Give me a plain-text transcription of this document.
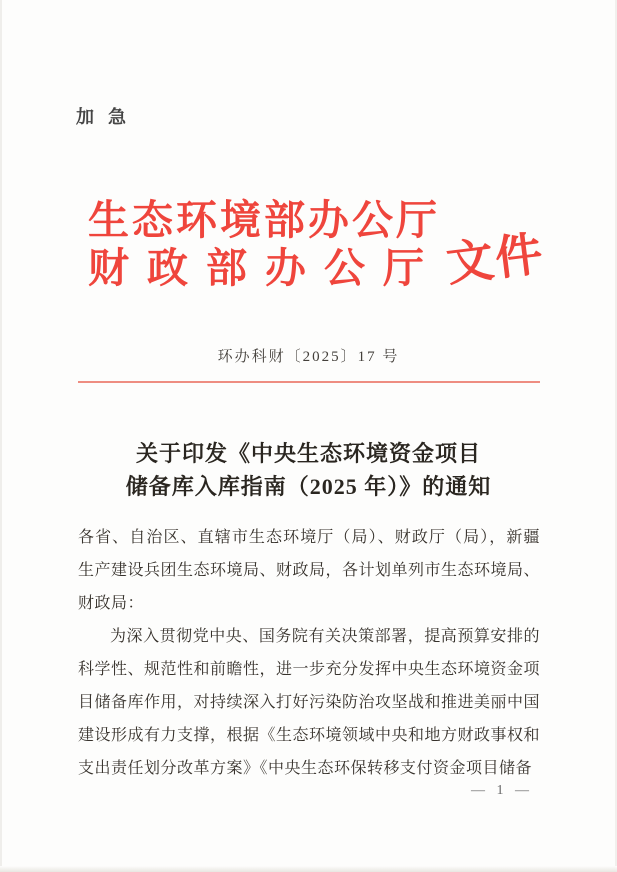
加急
生态环境部办公厅
财政部办公厅 文件
环办科财〔2025〕17 号
关于印发《中央生态环境资金项目
储备库入库指南（2025 年）》的通知

各省、自治区、直辖市生态环境厅（局）、财政厅（局），新疆生产建设兵团生态环境局、财政局，各计划单列市生态环境局、财政局：

为深入贯彻党中央、国务院有关决策部署，提高预算安排的科学性、规范性和前瞻性，进一步充分发挥中央生态环境资金项目储备库作用，对持续深入打好污染防治攻坚战和推进美丽中国建设形成有力支撑，根据《生态环境领域中央和地方财政事权和支出责任划分改革方案》《中央生态环保转移支付资金项目储备

— 1 —
